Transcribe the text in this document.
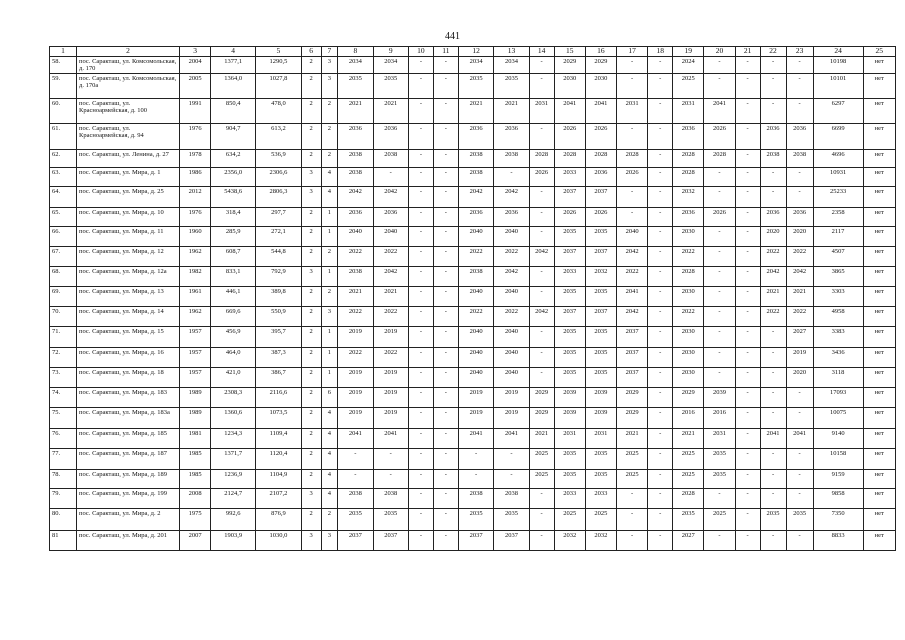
441
1	2	3	4	5	6	7	8	9	10	11	12	13	14	15	16	17	18	19	20	21	22	23	24	25
58.	пос. Саракташ, ул. Комсомольская, д. 170	2004	1377,1	1290,5	2	3	2034	2034	-	-	2034	2034	-	2029	2029	-	-	2024	-	-	-	-	10198	нет
59.	пос. Саракташ, ул. Комсомольская, д. 170а	2005	1364,0	1027,8	2	3	2035	2035	-	-	2035	2035	-	2030	2030	-	-	2025	-	-	-	-	10101	нет
60.	пос. Саракташ, ул. Красноармейская, д. 100	1991	850,4	478,0	2	2	2021	2021	-	-	2021	2021	2031	2041	2041	2031	-	2031	2041	-	-	-	6297	нет
61.	пос. Саракташ, ул. Красноармейская, д. 94	1976	904,7	613,2	2	2	2036	2036	-	-	2036	2036	-	2026	2026	-	-	2036	2026	-	2036	2036	6699	нет
62.	пос. Саракташ, ул. Ленина, д. 27	1978	634,2	536,9	2	2	2038	2038	-	-	2038	2038	2028	2028	2028	2028	-	2028	2028	-	2038	2038	4696	нет
63.	пос. Саракташ, ул. Мира, д. 1	1986	2356,0	2306,6	3	4	2038	-	-	-	2038	-	2026	2033	2036	2026	-	2028	-	-	-	-	10931	нет
64.	пос. Саракташ, ул. Мира, д. 25	2012	5438,6	2806,3	3	4	2042	2042	-	-	2042	2042	-	2037	2037	-	-	2032	-	-	-	-	25233	нет
65.	пос. Саракташ, ул. Мира, д. 10	1976	318,4	297,7	2	1	2036	2036	-	-	2036	2036	-	2026	2026	-	-	2036	2026	-	2036	2036	2358	нет
66.	пос. Саракташ, ул. Мира, д. 11	1960	285,9	272,1	2	1	2040	2040	-	-	2040	2040	-	2035	2035	2040	-	2030	-	-	2020	2020	2117	нет
67.	пос. Саракташ, ул. Мира, д. 12	1962	608,7	544,8	2	2	2022	2022	-	-	2022	2022	2042	2037	2037	2042	-	2022	-	-	2022	2022	4507	нет
68.	пос. Саракташ, ул. Мира, д. 12а	1982	833,1	792,9	3	1	2038	2042	-	-	2038	2042	-	2033	2032	2022	-	2028	-	-	2042	2042	3865	нет
69.	пос. Саракташ, ул. Мира, д. 13	1961	446,1	389,8	2	2	2021	2021	-	-	2040	2040	-	2035	2035	2041	-	2030	-	-	2021	2021	3303	нет
70.	пос. Саракташ, ул. Мира, д. 14	1962	669,6	550,9	2	3	2022	2022	-	-	2022	2022	2042	2037	2037	2042	-	2022	-	-	2022	2022	4958	нет
71.	пос. Саракташ, ул. Мира, д. 15	1957	456,9	395,7	2	1	2019	2019	-	-	2040	2040	-	2035	2035	2037	-	2030	-	-	-	2027	3383	нет
72.	пос. Саракташ, ул. Мира, д. 16	1957	464,0	387,3	2	1	2022	2022	-	-	2040	2040	-	2035	2035	2037	-	2030	-	-	-	2019	3436	нет
73.	пос. Саракташ, ул. Мира, д. 18	1957	421,0	386,7	2	1	2019	2019	-	-	2040	2040	-	2035	2035	2037	-	2030	-	-	-	2020	3118	нет
74.	пос. Саракташ, ул. Мира, д. 183	1989	2308,3	2116,6	2	6	2019	2019	-	-	2019	2019	2029	2039	2039	2029	-	2029	2039	-	-	-	17093	нет
75.	пос. Саракташ, ул. Мира, д. 183а	1989	1360,6	1073,5	2	4	2019	2019	-	-	2019	2019	2029	2039	2039	2029	-	2016	2016	-	-	-	10075	нет
76.	пос. Саракташ, ул. Мира, д. 185	1981	1234,3	1109,4	2	4	2041	2041	-	-	2041	2041	2021	2031	2031	2021	-	2021	2031	-	2041	2041	9140	нет
77.	пос. Саракташ, ул. Мира, д. 187	1985	1371,7	1120,4	2	4	-	-	-	-	-	-	2025	2035	2035	2025	-	2025	2035	-	-	-	10158	нет
78.	пос. Саракташ, ул. Мира, д. 189	1985	1236,9	1104,9	2	4	-	-	-	-	-	-	2025	2035	2035	2025	-	2025	2035	-	-	-	9159	нет
79.	пос. Саракташ, ул. Мира, д. 199	2008	2124,7	2107,2	3	4	2038	2038	-	-	2038	2038	-	2033	2033	-	-	2028	-	-	-	-	9858	нет
80.	пос. Саракташ, ул. Мира, д. 2	1975	992,6	876,9	2	2	2035	2035	-	-	2035	2035	-	2025	2025	-	-	2035	2025	-	2035	2035	7350	нет
81	пос. Саракташ, ул. Мира, д. 201	2007	1903,9	1030,0	3	3	2037	2037	-	-	2037	2037	-	2032	2032	-	-	2027	-	-	-	-	8833	нет
